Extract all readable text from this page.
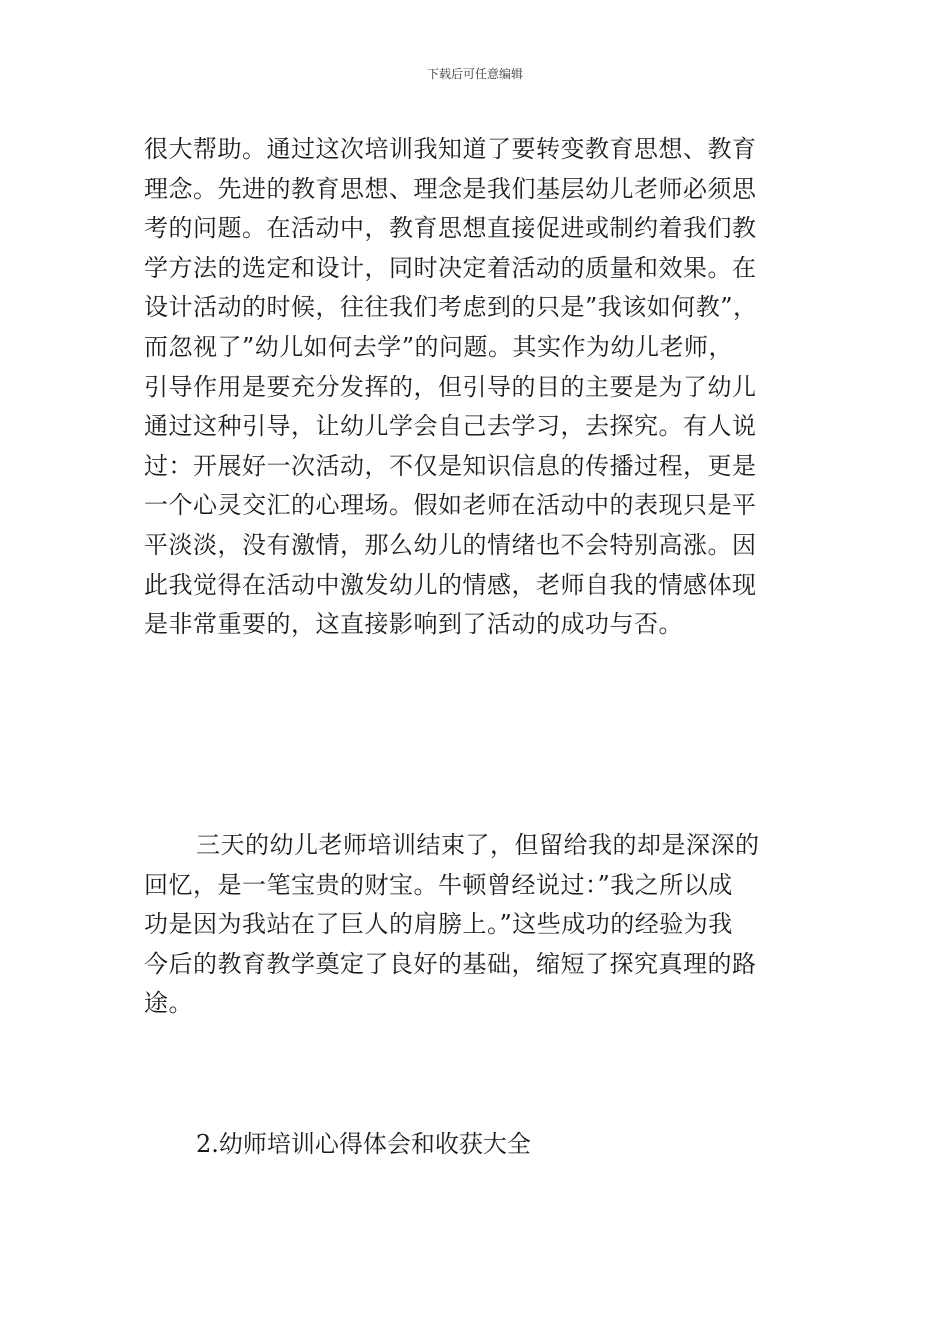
下载后可任意编辑
很大帮助。通过这次培训我知道了要转变教育思想、教育
理念。先进的教育思想、理念是我们基层幼儿老师必须思
考的问题。在活动中，教育思想直接促进或制约着我们教
学方法的选定和设计，同时决定着活动的质量和效果。在
设计活动的时候，往往我们考虑到的只是”我该如何教”，
而忽视了”幼儿如何去学”的问题。其实作为幼儿老师，
引导作用是要充分发挥的，但引导的目的主要是为了幼儿
通过这种引导，让幼儿学会自己去学习，去探究。有人说
过：开展好一次活动，不仅是知识信息的传播过程，更是
一个心灵交汇的心理场。假如老师在活动中的表现只是平
平淡淡，没有激情，那么幼儿的情绪也不会特别高涨。因
此我觉得在活动中激发幼儿的情感，老师自我的情感体现
是非常重要的，这直接影响到了活动的成功与否。
三天的幼儿老师培训结束了，但留给我的却是深深的
回忆，是一笔宝贵的财宝。牛顿曾经说过：”我之所以成
功是因为我站在了巨人的肩膀上。”这些成功的经验为我
今后的教育教学奠定了良好的基础，缩短了探究真理的路
途。
2.幼师培训心得体会和收获大全
